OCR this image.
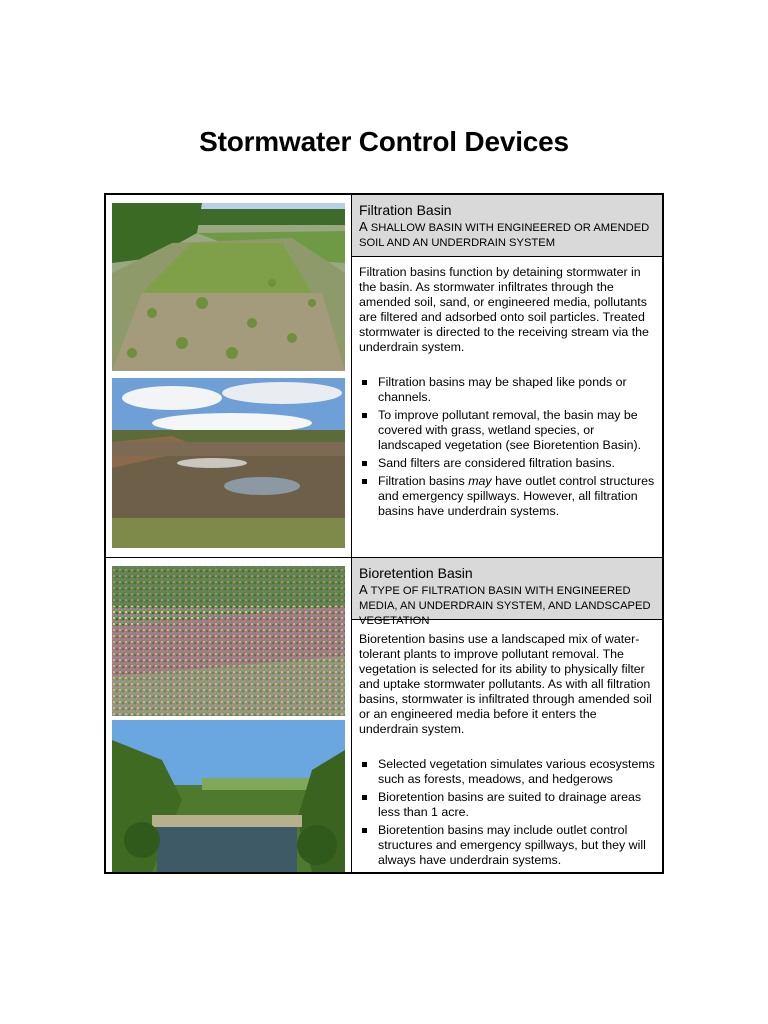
Stormwater Control Devices
Filtration Basin
A SHALLOW BASIN WITH ENGINEERED OR AMENDED SOIL AND AN UNDERDRAIN SYSTEM
Filtration basins function by detaining stormwater in the basin. As stormwater infiltrates through the amended soil, sand, or engineered media, pollutants are filtered and adsorbed onto soil particles. Treated stormwater is directed to the receiving stream via the underdrain system.
Filtration basins may be shaped like ponds or channels.
To improve pollutant removal, the basin may be covered with grass, wetland species, or landscaped vegetation (see Bioretention Basin).
Sand filters are considered filtration basins.
Filtration basins may have outlet control structures and emergency spillways. However, all filtration basins have underdrain systems.
Bioretention Basin
A TYPE OF FILTRATION BASIN WITH ENGINEERED MEDIA, AN UNDERDRAIN SYSTEM, AND LANDSCAPED VEGETATION
Bioretention basins use a landscaped mix of water-tolerant plants to improve pollutant removal. The vegetation is selected for its ability to physically filter and uptake stormwater pollutants. As with all filtration basins, stormwater is infiltrated through amended soil or an engineered media before it enters the underdrain system.
Selected vegetation simulates various ecosystems such as forests, meadows, and hedgerows
Bioretention basins are suited to drainage areas less than 1 acre.
Bioretention basins may include outlet control structures and emergency spillways, but they will always have underdrain systems.
